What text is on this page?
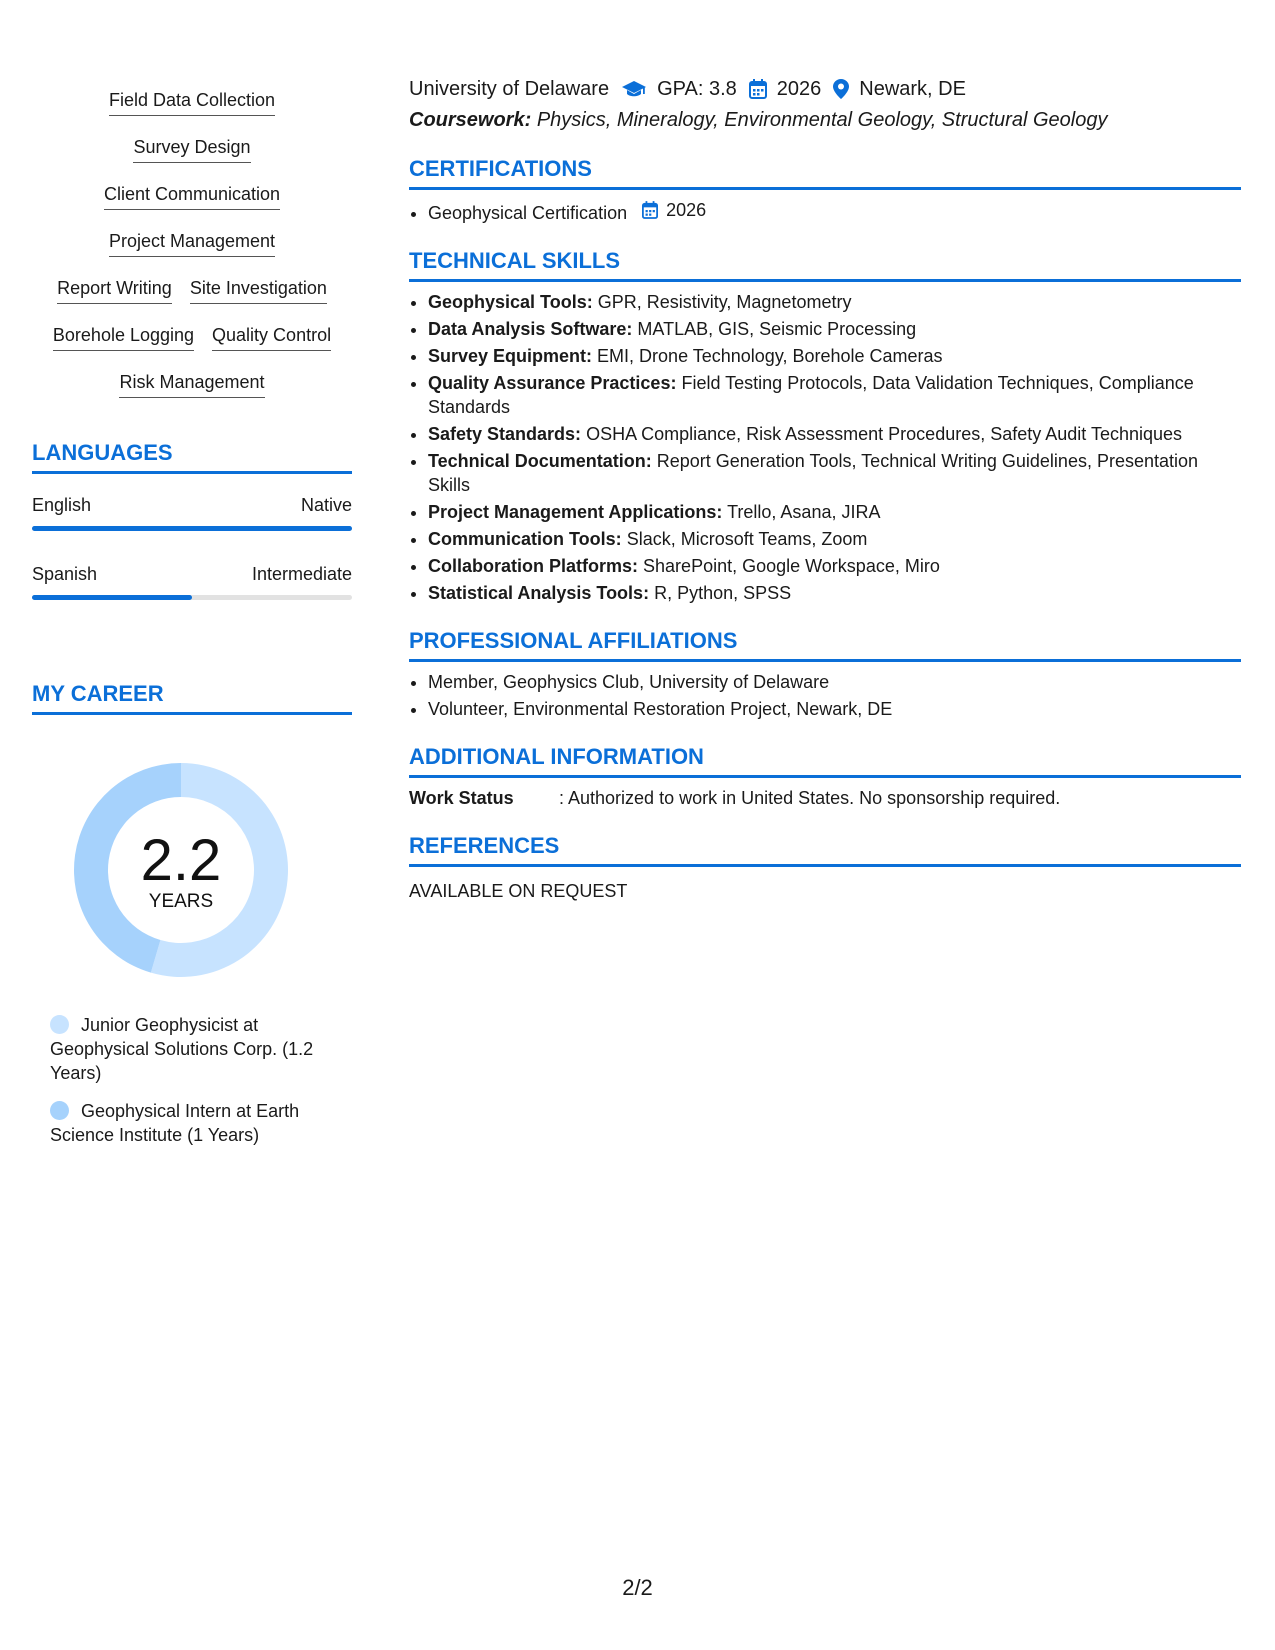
Field Data Collection
Survey Design
Client Communication
Project Management
Report Writing Site Investigation
Borehole Logging Quality Control
Risk Management
LANGUAGES
English	Native
Spanish	Intermediate
MY CAREER
2.2
YEARS
Junior Geophysicist at Geophysical Solutions Corp. (1.2 Years)
Geophysical Intern at Earth Science Institute (1 Years)
University of Delaware GPA: 3.8 2026 Newark, DE
Coursework: Physics, Mineralogy, Environmental Geology, Structural Geology
CERTIFICATIONS
• Geophysical Certification 2026
TECHNICAL SKILLS
• Geophysical Tools: GPR, Resistivity, Magnetometry
• Data Analysis Software: MATLAB, GIS, Seismic Processing
• Survey Equipment: EMI, Drone Technology, Borehole Cameras
• Quality Assurance Practices: Field Testing Protocols, Data Validation Techniques, Compliance Standards
• Safety Standards: OSHA Compliance, Risk Assessment Procedures, Safety Audit Techniques
• Technical Documentation: Report Generation Tools, Technical Writing Guidelines, Presentation Skills
• Project Management Applications: Trello, Asana, JIRA
• Communication Tools: Slack, Microsoft Teams, Zoom
• Collaboration Platforms: SharePoint, Google Workspace, Miro
• Statistical Analysis Tools: R, Python, SPSS
PROFESSIONAL AFFILIATIONS
• Member, Geophysics Club, University of Delaware
• Volunteer, Environmental Restoration Project, Newark, DE
ADDITIONAL INFORMATION
Work Status	: Authorized to work in United States. No sponsorship required.
REFERENCES
AVAILABLE ON REQUEST
2/2
